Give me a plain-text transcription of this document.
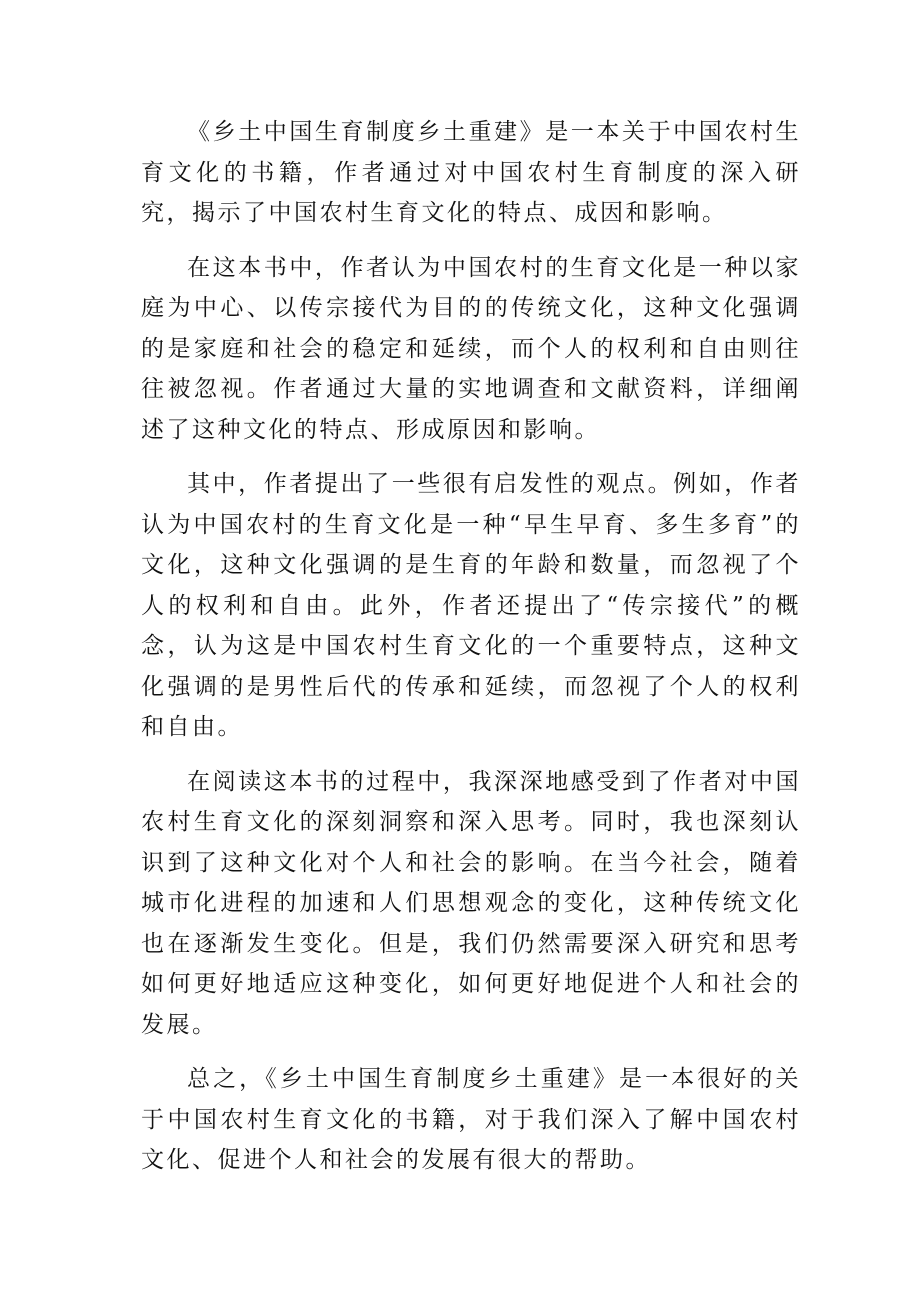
《乡土中国生育制度乡土重建》是一本关于中国农村生育文化的书籍，作者通过对中国农村生育制度的深入研究，揭示了中国农村生育文化的特点、成因和影响。

在这本书中，作者认为中国农村的生育文化是一种以家庭为中心、以传宗接代为目的的传统文化，这种文化强调的是家庭和社会的稳定和延续，而个人的权利和自由则往往被忽视。作者通过大量的实地调查和文献资料，详细阐述了这种文化的特点、形成原因和影响。

其中，作者提出了一些很有启发性的观点。例如，作者认为中国农村的生育文化是一种“早生早育、多生多育”的文化，这种文化强调的是生育的年龄和数量，而忽视了个人的权利和自由。此外，作者还提出了“传宗接代”的概念，认为这是中国农村生育文化的一个重要特点，这种文化强调的是男性后代的传承和延续，而忽视了个人的权利和自由。

在阅读这本书的过程中，我深深地感受到了作者对中国农村生育文化的深刻洞察和深入思考。同时，我也深刻认识到了这种文化对个人和社会的影响。在当今社会，随着城市化进程的加速和人们思想观念的变化，这种传统文化也在逐渐发生变化。但是，我们仍然需要深入研究和思考如何更好地适应这种变化，如何更好地促进个人和社会的发展。

总之，《乡土中国生育制度乡土重建》是一本很好的关于中国农村生育文化的书籍，对于我们深入了解中国农村文化、促进个人和社会的发展有很大的帮助。
